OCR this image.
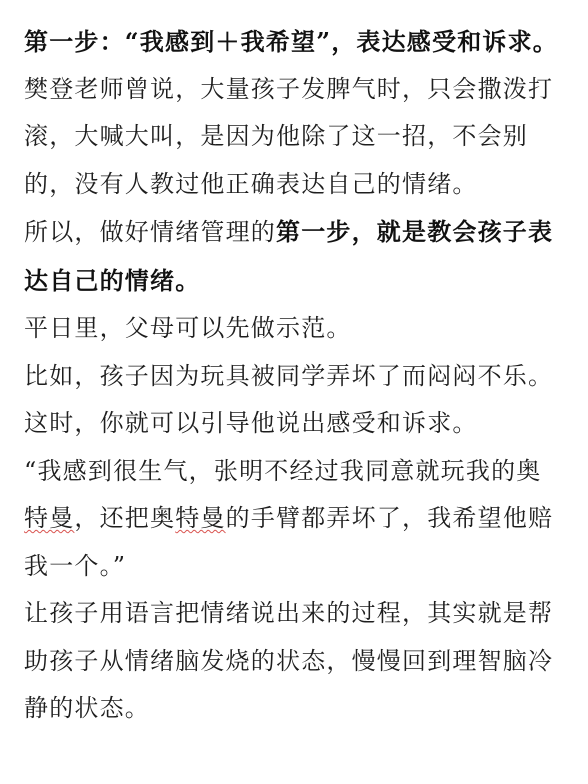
第一步：“我感到＋我希望”，表达感受和诉求。

樊登老师曾说，大量孩子发脾气时，只会撒泼打滚，大喊大叫，是因为他除了这一招，不会别的，没有人教过他正确表达自己的情绪。

所以，做好情绪管理的第一步，就是教会孩子表达自己的情绪。

平日里，父母可以先做示范。

比如，孩子因为玩具被同学弄坏了而闷闷不乐。这时，你就可以引导他说出感受和诉求。

“我感到很生气，张明不经过我同意就玩我的奥特曼，还把奥特曼的手臂都弄坏了，我希望他赔我一个。”

让孩子用语言把情绪说出来的过程，其实就是帮助孩子从情绪脑发烧的状态，慢慢回到理智脑冷静的状态。
